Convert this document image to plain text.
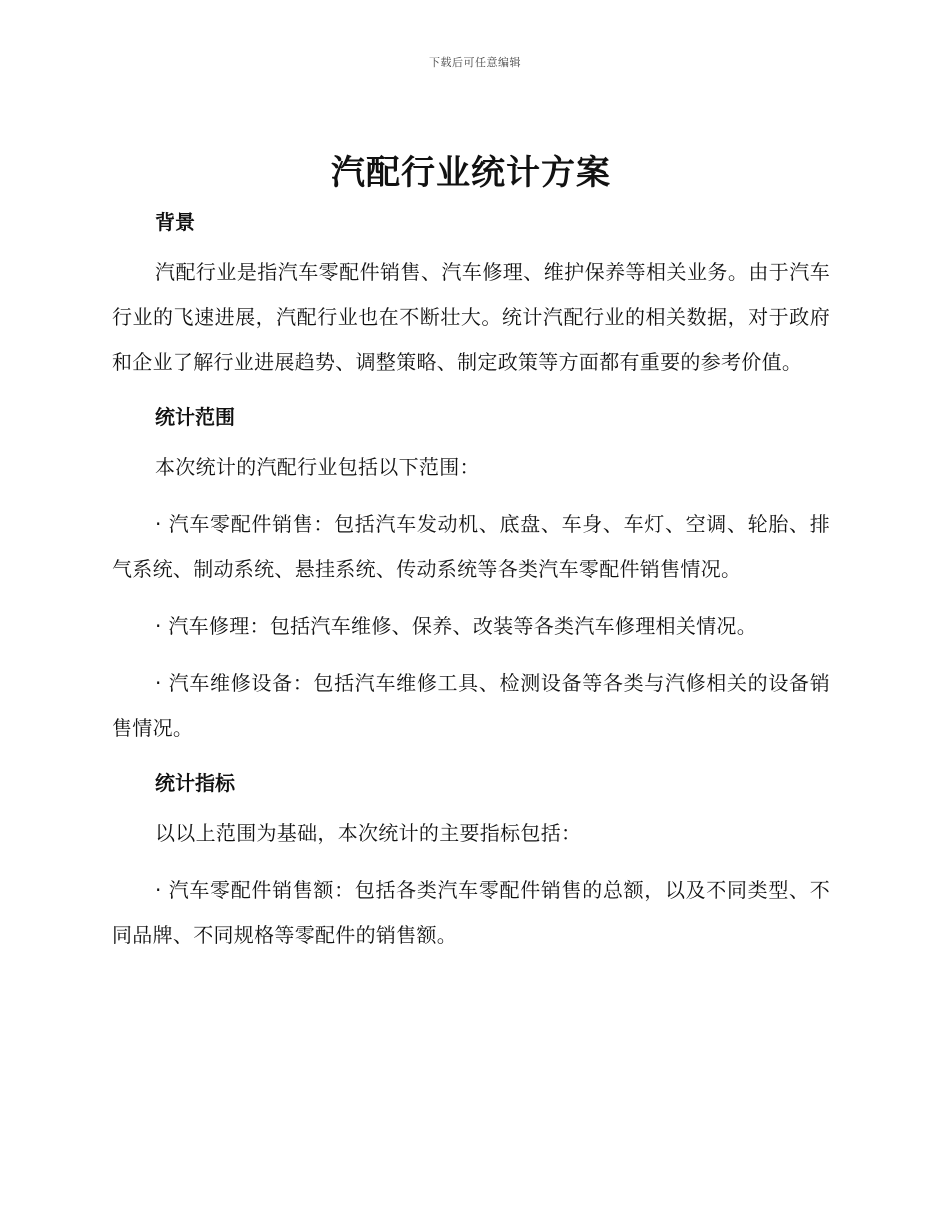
下载后可任意编辑
汽配行业统计方案
背景

汽配行业是指汽车零配件销售、汽车修理、维护保养等相关业务。由于汽车行业的飞速进展，汽配行业也在不断壮大。统计汽配行业的相关数据，对于政府和企业了解行业进展趋势、调整策略、制定政策等方面都有重要的参考价值。

统计范围

本次统计的汽配行业包括以下范围：

· 汽车零配件销售：包括汽车发动机、底盘、车身、车灯、空调、轮胎、排气系统、制动系统、悬挂系统、传动系统等各类汽车零配件销售情况。

· 汽车修理：包括汽车维修、保养、改装等各类汽车修理相关情况。

· 汽车维修设备：包括汽车维修工具、检测设备等各类与汽修相关的设备销售情况。

统计指标

以以上范围为基础，本次统计的主要指标包括：

· 汽车零配件销售额：包括各类汽车零配件销售的总额，以及不同类型、不同品牌、不同规格等零配件的销售额。
